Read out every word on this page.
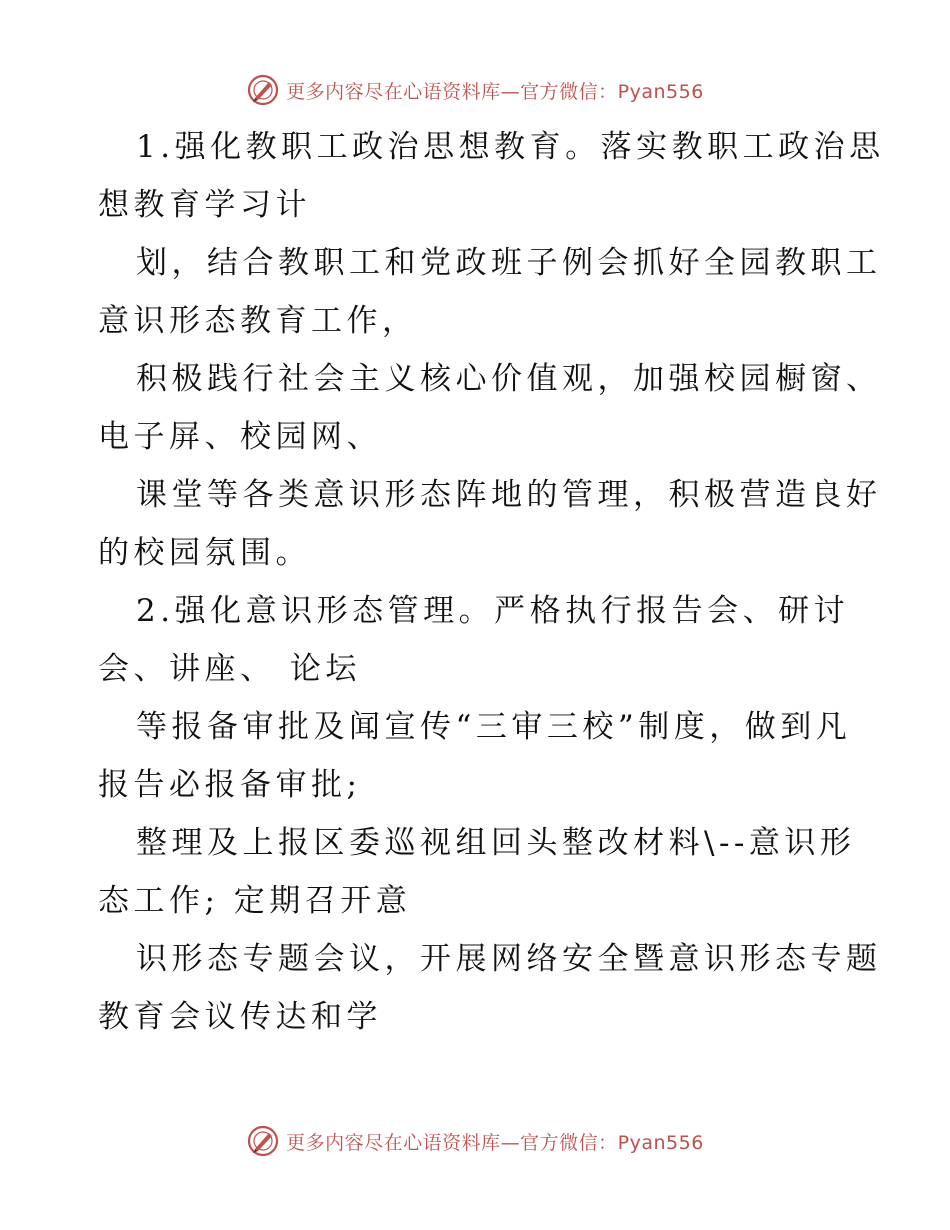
更多内容尽在心语资料库—官方微信：Pyan556
1.强化教职工政治思想教育。落实教职工政治思
想教育学习计
划，结合教职工和党政班子例会抓好全园教职工
意识形态教育工作，
积极践行社会主义核心价值观，加强校园橱窗、
电子屏、校园网、
课堂等各类意识形态阵地的管理，积极营造良好
的校园氛围。
2.强化意识形态管理。严格执行报告会、研讨
会、讲座、 论坛
等报备审批及闻宣传“三审三校”制度，做到凡
报告必报备审批;
整理及上报区委巡视组回头整改材料\--意识形
态工作; 定期召开意
识形态专题会议，开展网络安全暨意识形态专题
教育会议传达和学
更多内容尽在心语资料库—官方微信：Pyan556
